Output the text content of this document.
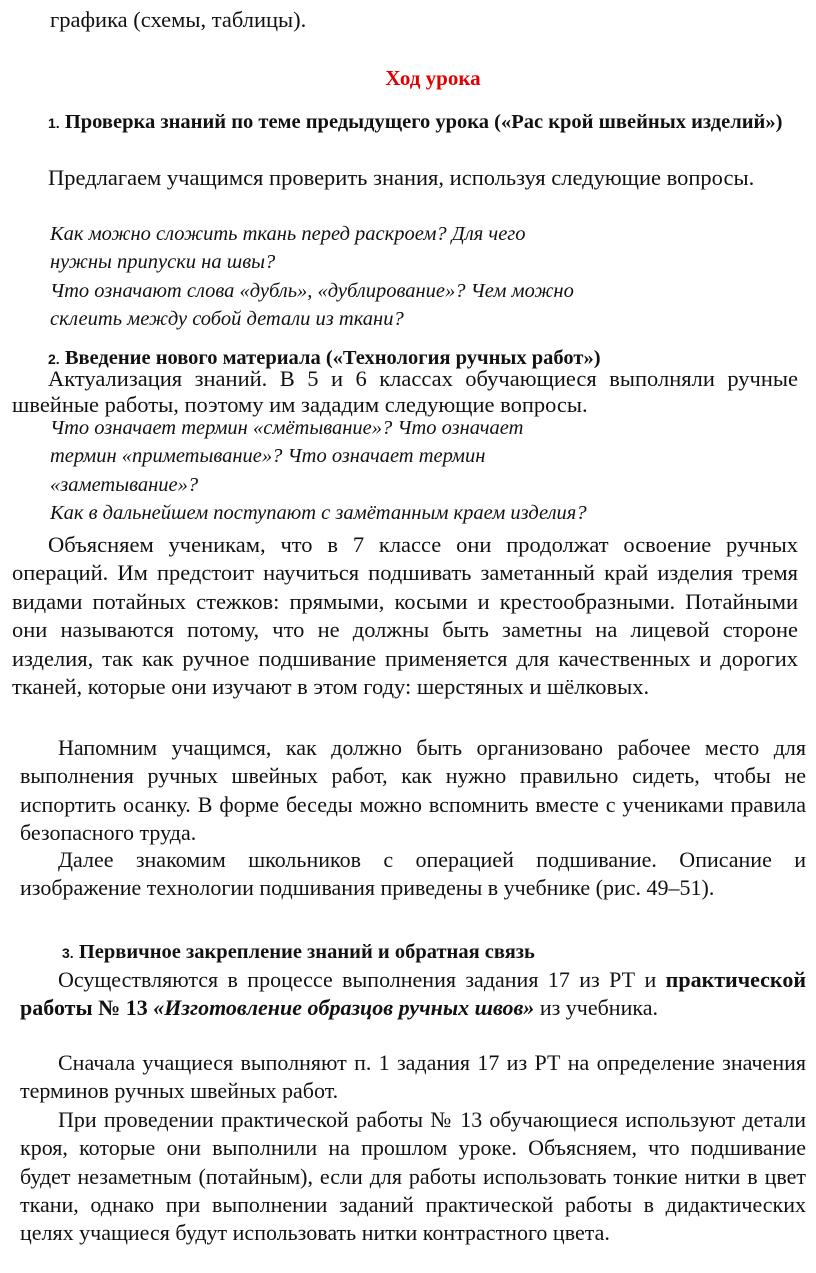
графика (схемы, таблицы).

Ход урока

1. Проверка знаний по теме предыдущего урока («Рас крой швейных изделий»)

Предлагаем учащимся проверить знания, используя следующие вопросы.

Как можно сложить ткань перед раскроем? Для чего
нужны припуски на швы?
Что означают слова «дубль», «дублирование»? Чем можно
склеить между собой детали из ткани?

2. Введение нового материала («Технология ручных работ»)

Актуализация знаний. В 5 и 6 классах обучающиеся выполняли ручные швейные работы, поэтому им зададим следующие вопросы.

Что означает термин «смётывание»? Что означает
термин «приметывание»? Что означает термин
«заметывание»?
Как в дальнейшем поступают с замётанным краем изделия?

Объясняем ученикам, что в 7 классе они продолжат освоение ручных операций. Им предстоит научиться подшивать заметанный край изделия тремя видами потайных стежков: прямыми, косыми и крестообразными. Потайными они называются потому, что не должны быть заметны на лицевой стороне изделия, так как ручное подшивание применяется для качественных и дорогих тканей, которые они изучают в этом году: шерстяных и шёлковых.

Напомним учащимся, как должно быть организовано рабочее место для выполнения ручных швейных работ, как нужно правильно сидеть, чтобы не испортить осанку. В форме беседы можно вспомнить вместе с учениками правила безопасного труда.

Далее знакомим школьников с операцией подшивание. Описание и изображение технологии подшивания приведены в учебнике (рис. 49–51).

3. Первичное закрепление знаний и обратная связь

Осуществляются в процессе выполнения задания 17 из РТ и практической работы № 13 «Изготовление образцов ручных швов» из учебника.

Сначала учащиеся выполняют п. 1 задания 17 из РТ на определение значения терминов ручных швейных работ.

При проведении практической работы № 13 обучающиеся используют детали кроя, которые они выполнили на прошлом уроке. Объясняем, что подшивание будет незаметным (потайным), если для работы использовать тонкие нитки в цвет ткани, однако при выполнении заданий практической работы в дидактических целях учащиеся будут использовать нитки контрастного цвета.
